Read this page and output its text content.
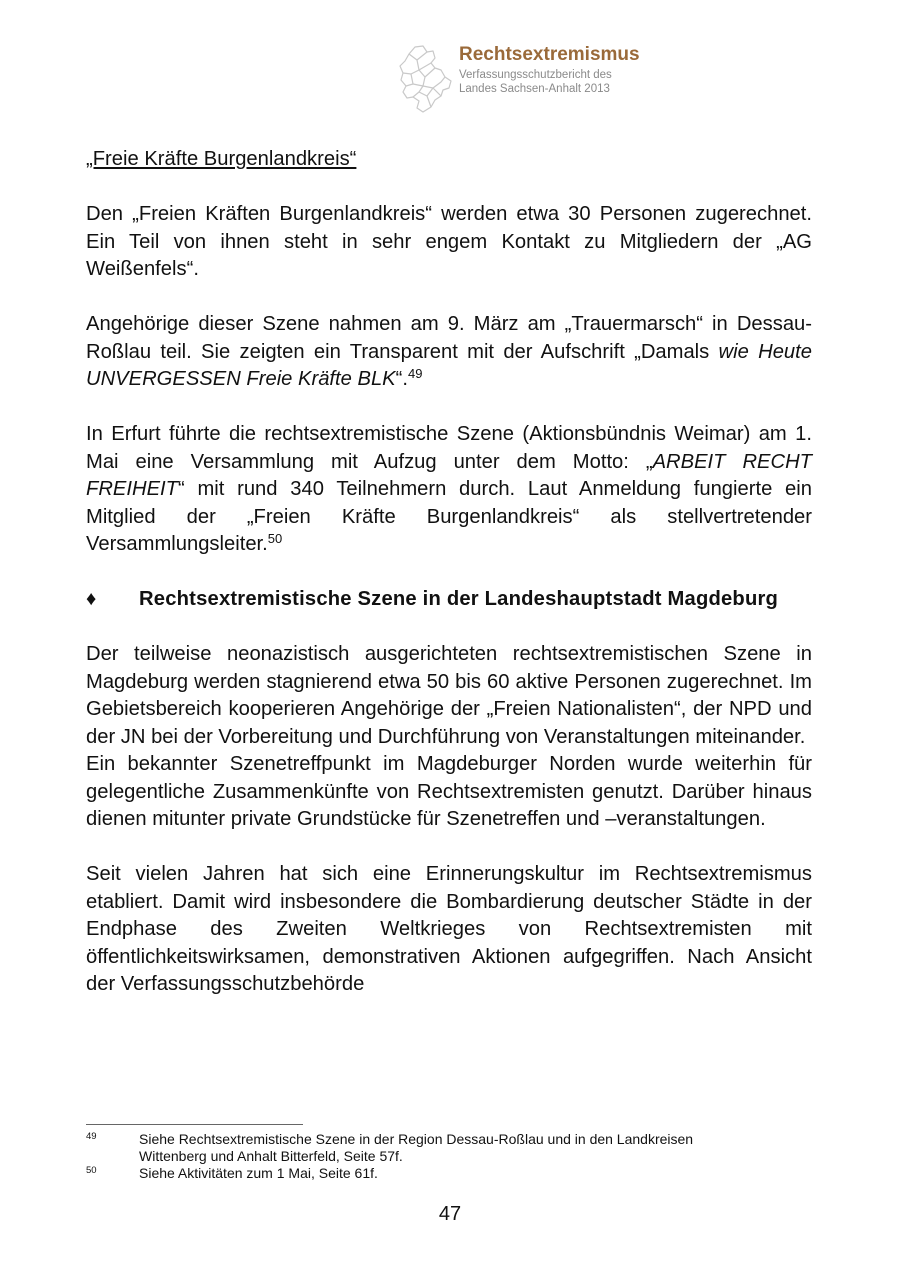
Rechtsextremismus
Verfassungsschutzbericht des
Landes Sachsen-Anhalt 2013

„Freie Kräfte Burgenlandkreis“

Den „Freien Kräften Burgenlandkreis“ werden etwa 30 Personen zugerechnet. Ein Teil von ihnen steht in sehr engem Kontakt zu Mitgliedern der „AG Weißenfels“.

Angehörige dieser Szene nahmen am 9. März am „Trauermarsch“ in Dessau-Roßlau teil. Sie zeigten ein Transparent mit der Aufschrift „Damals wie Heute UNVERGESSEN Freie Kräfte BLK“.$^{49}$

In Erfurt führte die rechtsextremistische Szene (Aktionsbündnis Weimar) am 1. Mai eine Versammlung mit Aufzug unter dem Motto: „ARBEIT RECHT FREIHEIT“ mit rund 340 Teilnehmern durch. Laut Anmeldung fungierte ein Mitglied der „Freien Kräfte Burgenlandkreis“ als stellvertretender Versammlungsleiter.$^{50}$

♦ Rechtsextremistische Szene in der Landeshauptstadt Magdeburg

Der teilweise neonazistisch ausgerichteten rechtsextremistischen Szene in Magdeburg werden stagnierend etwa 50 bis 60 aktive Personen zugerechnet. Im Gebietsbereich kooperieren Angehörige der „Freien Nationalisten“, der NPD und der JN bei der Vorbereitung und Durchführung von Veranstaltungen miteinander.

Ein bekannter Szenetreffpunkt im Magdeburger Norden wurde weiterhin für gelegentliche Zusammenkünfte von Rechtsextremisten genutzt. Darüber hinaus dienen mitunter private Grundstücke für Szenetreffen und –veranstaltungen.

Seit vielen Jahren hat sich eine Erinnerungskultur im Rechtsextremismus etabliert. Damit wird insbesondere die Bombardierung deutscher Städte in der Endphase des Zweiten Weltkrieges von Rechtsextremisten mit öffentlichkeitswirksamen, demonstrativen Aktionen aufgegriffen. Nach Ansicht der Verfassungsschutzbehörde

49	Siehe Rechtsextremistische Szene in der Region Dessau-Roßlau und in den Landkreisen
Wittenberg und Anhalt Bitterfeld, Seite 57f.

50	Siehe Aktivitäten zum 1 Mai, Seite 61f.

47
